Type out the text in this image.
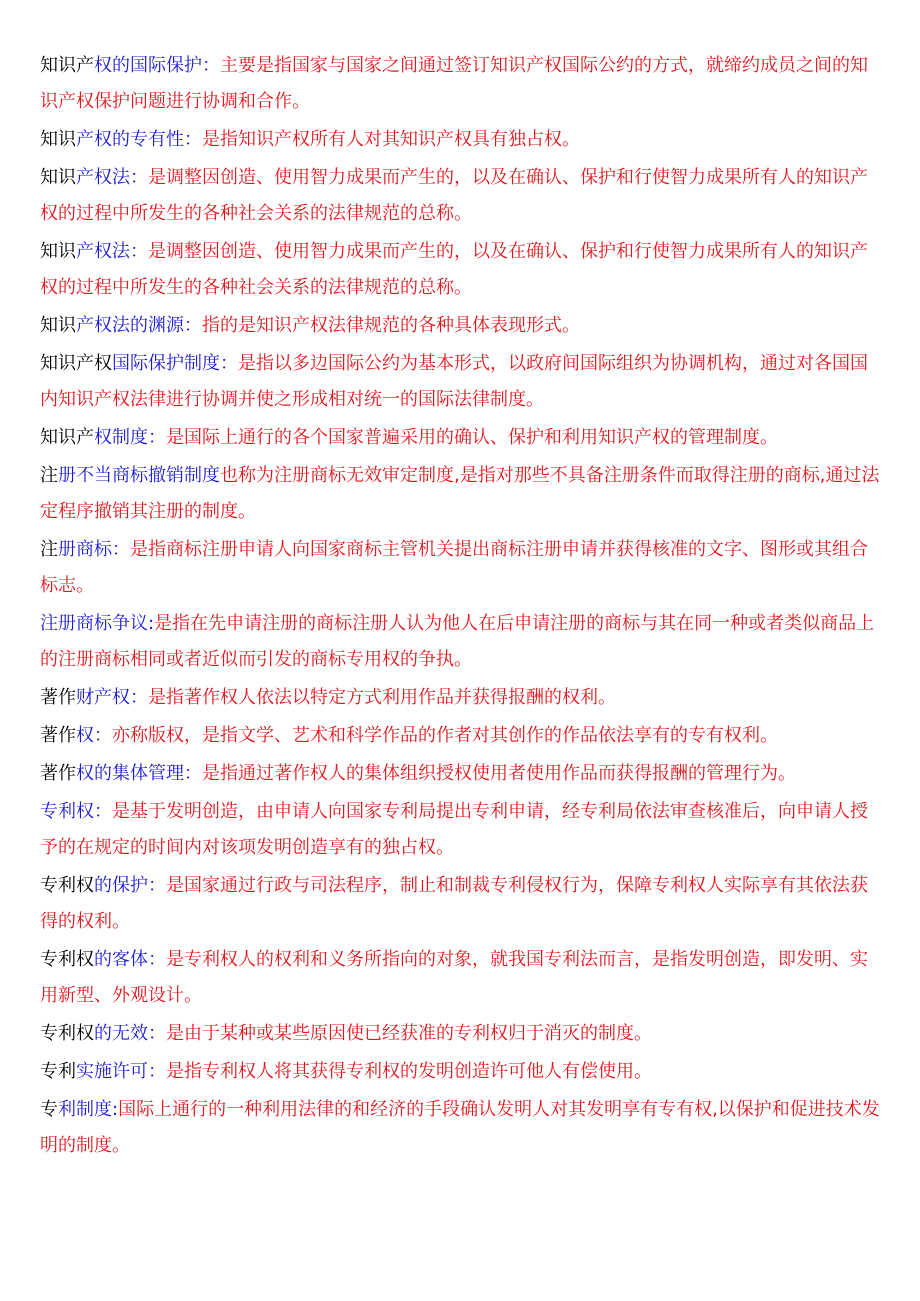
知识产权的国际保护：主要是指国家与国家之间通过签订知识产权国际公约的方式，就缔约成员之间的知识产权保护问题进行协调和合作。

知识产权的专有性：是指知识产权所有人对其知识产权具有独占权。

知识产权法：是调整因创造、使用智力成果而产生的，以及在确认、保护和行使智力成果所有人的知识产权的过程中所发生的各种社会关系的法律规范的总称。

知识产权法：是调整因创造、使用智力成果而产生的，以及在确认、保护和行使智力成果所有人的知识产权的过程中所发生的各种社会关系的法律规范的总称。

知识产权法的渊源：指的是知识产权法律规范的各种具体表现形式。

知识产权国际保护制度：是指以多边国际公约为基本形式，以政府间国际组织为协调机构，通过对各国国内知识产权法律进行协调并使之形成相对统一的国际法律制度。

知识产权制度：是国际上通行的各个国家普遍采用的确认、保护和利用知识产权的管理制度。

注册不当商标撤销制度也称为注册商标无效审定制度,是指对那些不具备注册条件而取得注册的商标,通过法定程序撤销其注册的制度。

注册商标：是指商标注册申请人向国家商标主管机关提出商标注册申请并获得核准的文字、图形或其组合标志。

注册商标争议:是指在先申请注册的商标注册人认为他人在后申请注册的商标与其在同一种或者类似商品上的注册商标相同或者近似而引发的商标专用权的争执。

著作财产权：是指著作权人依法以特定方式利用作品并获得报酬的权利。

著作权：亦称版权，是指文学、艺术和科学作品的作者对其创作的作品依法享有的专有权利。

著作权的集体管理：是指通过著作权人的集体组织授权使用者使用作品而获得报酬的管理行为。

专利权：是基于发明创造，由申请人向国家专利局提出专利申请，经专利局依法审查核准后，向申请人授予的在规定的时间内对该项发明创造享有的独占权。

专利权的保护：是国家通过行政与司法程序，制止和制裁专利侵权行为，保障专利权人实际享有其依法获得的权利。

专利权的客体：是专利权人的权利和义务所指向的对象，就我国专利法而言，是指发明创造，即发明、实用新型、外观设计。

专利权的无效：是由于某种或某些原因使已经获准的专利权归于消灭的制度。

专利实施许可：是指专利权人将其获得专利权的发明创造许可他人有偿使用。

专利制度:国际上通行的一种利用法律的和经济的手段确认发明人对其发明享有专有权,以保护和促进技术发明的制度。
